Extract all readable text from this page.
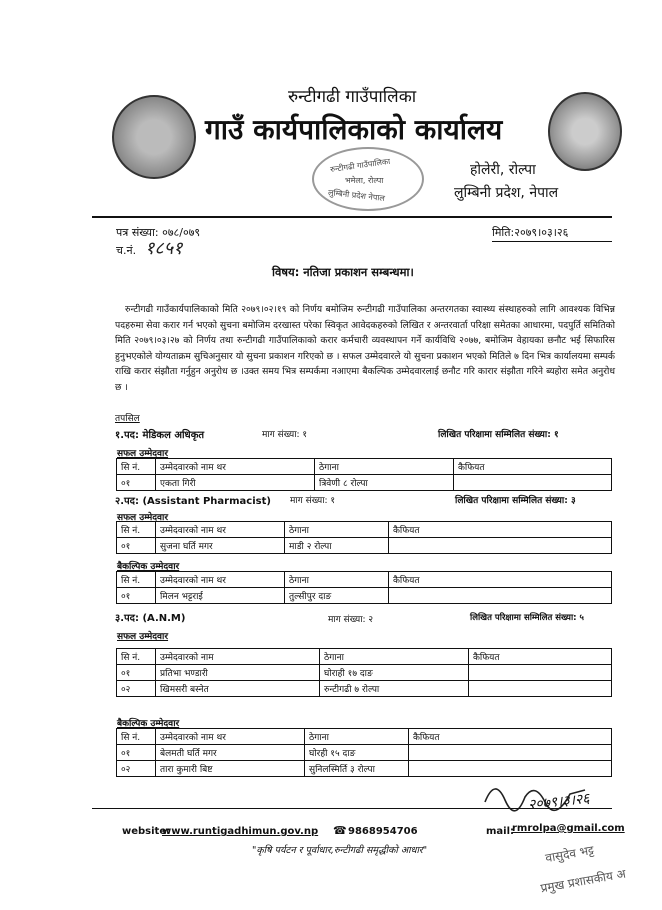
रुन्टीगढी गाउँपालिका
गाउँ कार्यपालिकाको कार्यालय
होलेरी, रोल्पा
लुम्बिनी प्रदेश, नेपाल
रुन्टीगढी गाउँपालिका
भमेला, रोल्पा
लुम्बिनी प्रदेश नेपाल
पत्र संख्या: ०७८/०७९
च.नं. १८५१
मिति:२०७९।०३।२६
विषय: नतिजा प्रकाशन सम्बन्धमा।
रुन्टीगढी गाउँकार्यपालिकाको मिति २०७९।०२।१९ को निर्णय बमोजिम रुन्टीगढी गाउँपालिका अन्तरगतका स्वास्थ्य संस्थाहरुको लागि आवश्यक विभिन्न पदहरुमा सेवा करार गर्न भएको सुचना बमोजिम दरखास्त परेका स्विकृत आवेदकहरुको लिखित र अन्तरवार्ता परिक्षा समेतका आधारमा, पदपुर्ति समितिको मिति २०७९।०३।२७ को निर्णय तथा रुन्टीगढी गाउँपालिकाको करार कर्मचारी व्यवस्थापन गर्ने कार्यविधि २०७७, बमोजिम वेहायका छनौट भई सिफारिस हुनुभएकोले योग्यताक्रम सुचिअनुसार यो सुचना प्रकाशन गरिएको छ । सफल उम्मेदवारले यो सुचना प्रकाशन भएको मितिले ७ दिन भित्र कार्यालयमा सम्पर्क राखि करार संझौता गर्नुहुन अनुरोध छ ।उक्त समय भित्र सम्पर्कमा नआएमा बैकल्पिक उम्मेदवारलाई छनौट गरि कारार संझौता गरिने ब्यहोरा समेत अनुरोध छ ।
तपसिल
१.पद: मेडिकल अधिकृत	माग संख्या: १	लिखित परिक्षामा सम्मिलित संख्या: १
सफल उम्मेदवार
सि नं.	उम्मेदवारको नाम थर	ठेगाना	कैफियत
०१	एकता गिरी	त्रिवेणी ८ रोल्पा	
२.पद: (Assistant Pharmacist) माग संख्या: १	लिखित परिक्षामा सम्मिलित संख्या: ३
सफल उम्मेदवार
सि नं.	उम्मेदवारको नाम थर	ठेगाना	कैफियत
०१	सुजना घर्ति मगर	माडी २ रोल्पा	
बैकल्पिक उम्मेदवार
सि नं.	उम्मेदवारको नाम थर	ठेगाना	कैफियत
०१	मिलन भट्टराई	तुल्सीपुर दाङ	
३.पद: (A.N.M)	माग संख्या: २	लिखित परिक्षामा सम्मिलित संख्या: ५
सफल उम्मेदवार
सि नं.	उम्मेदवारको नाम	ठेगाना	कैफियत
०१	प्रतिभा भण्डारी	घोराही १७ दाङ	
०२	खिमसरी बस्नेत	रुन्टीगढी ७ रोल्पा	
बैकल्पिक उम्मेदवार
सि नं.	उम्मेदवारको नाम थर	ठेगाना	कैफियत
०१	बेलमती घर्ति मगर	घोरही १५ दाङ	
०२	तारा कुमारी बिष्ट	सुनिलस्मिर्ति ३ रोल्पा	
२०७९।३।२६
वासुदेव भट्ट
प्रमुख प्रशासकीय अ
website:
www.runtigadhimun.gov.np ☎ 9868954706	mail:
rmrolpa@gmail.com
"कृषि पर्यटन र पूर्वाधार,रुन्टीगढी समृद्धीको आधार"
